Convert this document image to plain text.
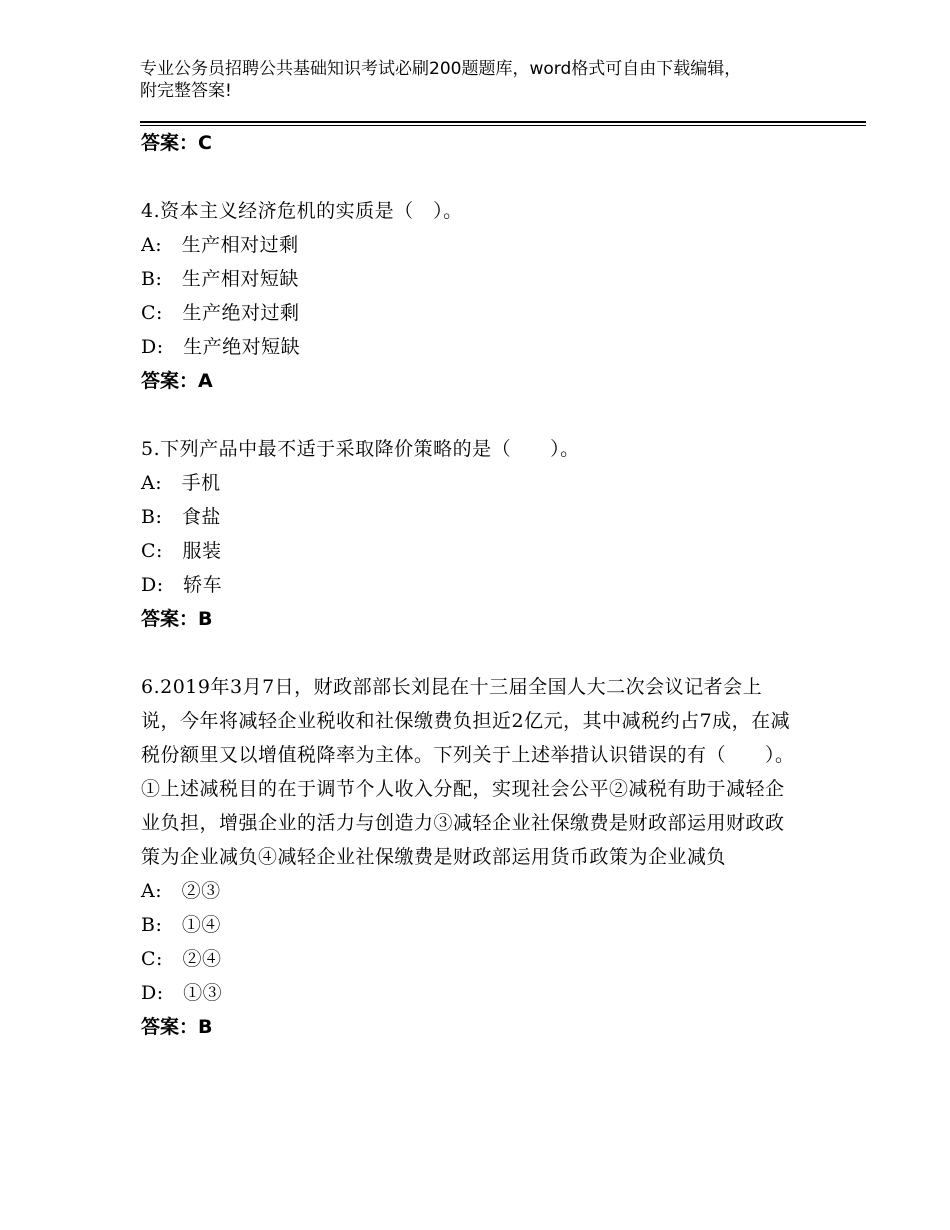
专业公务员招聘公共基础知识考试必刷200题题库，word格式可自由下载编辑，
附完整答案!
答案：C
4.资本主义经济危机的实质是（　）。
A:　生产相对过剩
B:　生产相对短缺
C:　生产绝对过剩
D:　生产绝对短缺
答案：A
5.下列产品中最不适于采取降价策略的是（　　）。
A:　手机
B:　食盐
C:　服装
D:　轿车
答案：B
6.2019年3月7日，财政部部长刘昆在十三届全国人大二次会议记者会上说，今年将减轻企业税收和社保缴费负担近2亿元，其中减税约占7成，在减税份额里又以增值税降率为主体。下列关于上述举措认识错误的有（　　）。①上述减税目的在于调节个人收入分配，实现社会公平②减税有助于减轻企业负担，增强企业的活力与创造力③减轻企业社保缴费是财政部运用财政政策为企业减负④减轻企业社保缴费是财政部运用货币政策为企业减负
A:　②③
B:　①④
C:　②④
D:　①③
答案：B
